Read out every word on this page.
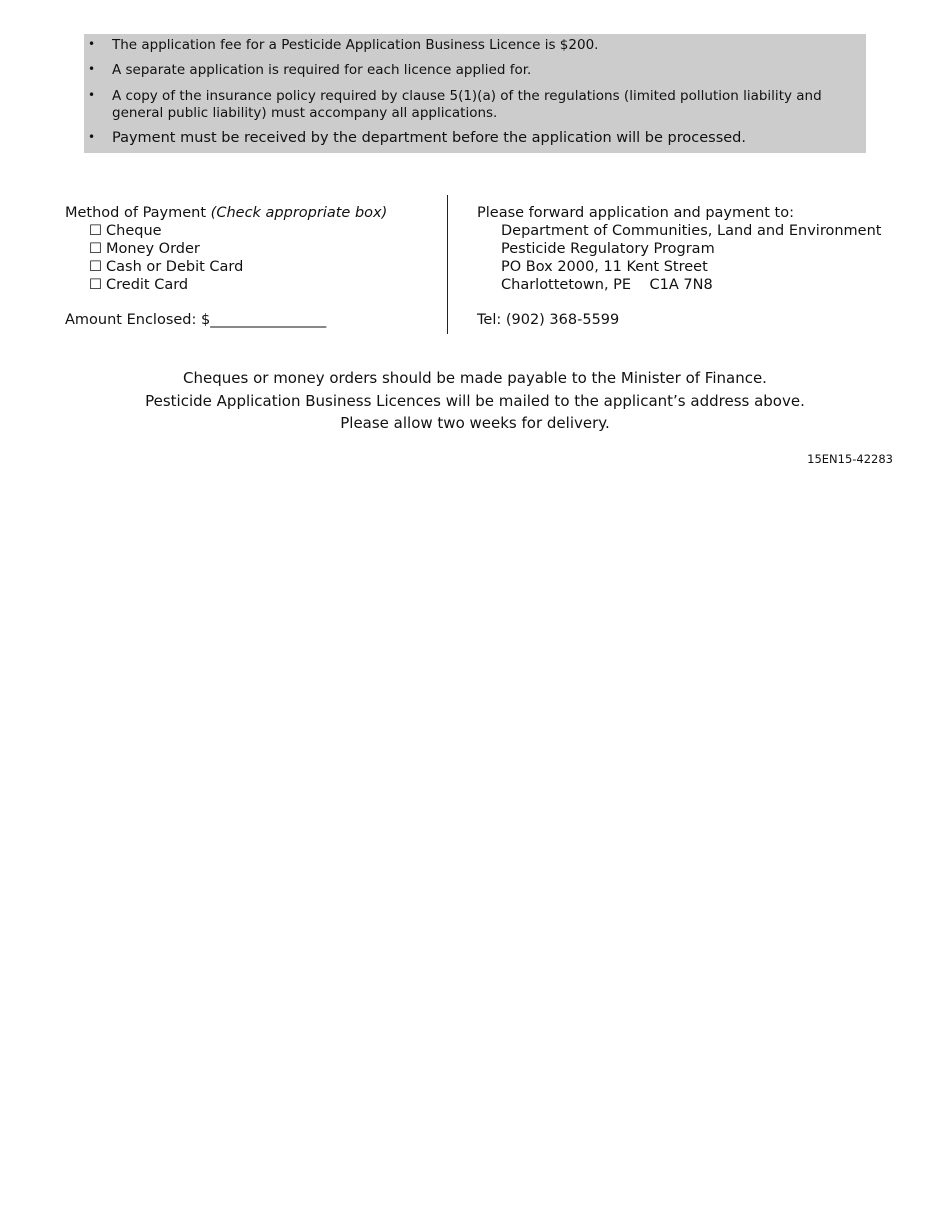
• The application fee for a Pesticide Application Business Licence is $200.
• A separate application is required for each licence applied for.
• A copy of the insurance policy required by clause 5(1)(a) of the regulations (limited pollution liability and general public liability) must accompany all applications.
• Payment must be received by the department before the application will be processed.
Method of Payment (Check appropriate box)
☐ Cheque
☐ Money Order
☐ Cash or Debit Card
☐ Credit Card
Amount Enclosed: $________________
Please forward application and payment to:
Department of Communities, Land and Environment
Pesticide Regulatory Program
PO Box 2000, 11 Kent Street
Charlottetown, PE    C1A 7N8
Tel: (902) 368-5599
Cheques or money orders should be made payable to the Minister of Finance.
Pesticide Application Business Licences will be mailed to the applicant’s address above.
Please allow two weeks for delivery.
15EN15-42283
